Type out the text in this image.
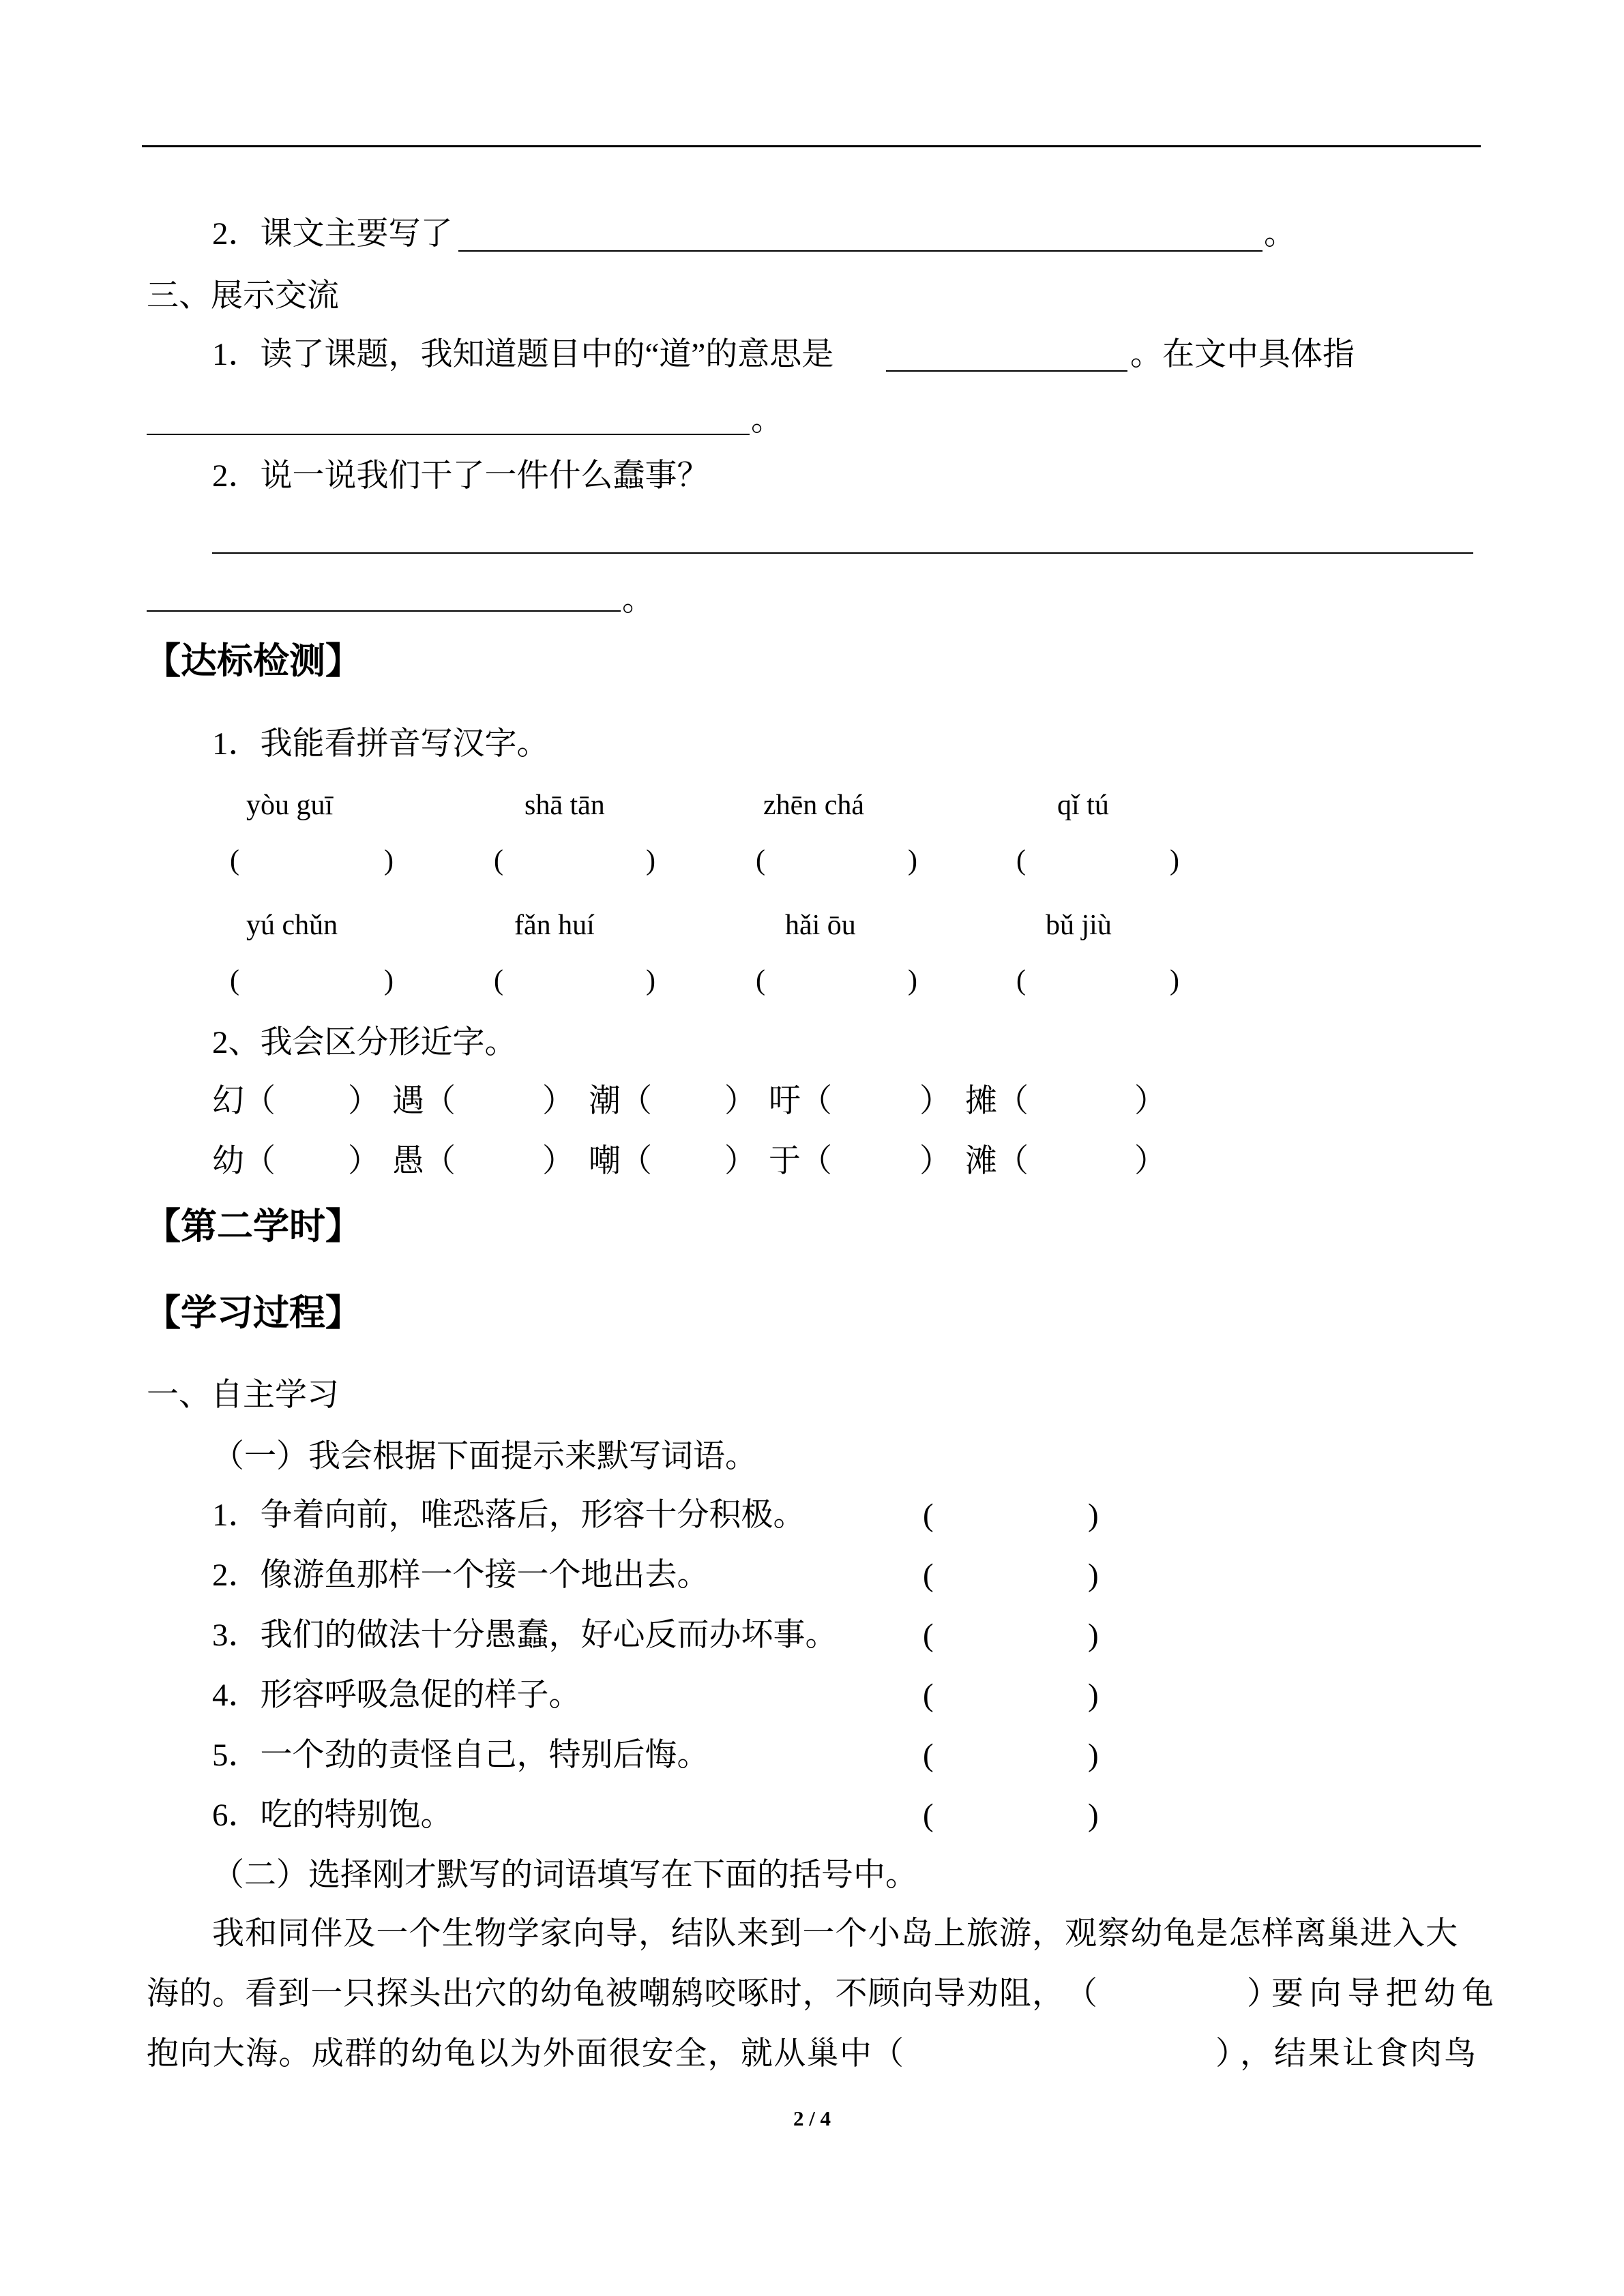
2．课文主要写了	。
三、展示交流
1．读了课题，我知道题目中的“道”的意思是	。在文中具体指
。
2．说一说我们干了一件什么蠢事？
。
【达标检测】
1．我能看拼音写汉字。
yòu guī	shā tān	zhēn chá	qǐ tú
(	)	(	)	(	)	(	)
yú chǔn	fǎn huí	hǎi ōu	bǔ jiù
(	)	(	)	(	)	(	)
2、我会区分形近字。
幻 （ ） 遇 （	） 潮 （ ） 吁 （	） 摊 （	）
幼 （ ） 愚 （	） 嘲 （ ） 于 （	） 滩 （	）
【第二学时】
【学习过程】
一、自主学习
（一）我会根据下面提示来默写词语。
1．争着向前，唯恐落后，形容十分积极。	(	)
2．像游鱼那样一个接一个地出去。	(	)
3．我们的做法十分愚蠢，好心反而办坏事。	(	)
4．形容呼吸急促的样子。	(	)
5．一个劲的责怪自己，特别后悔。	(	)
6．吃的特别饱。	(	)
（二）选择刚才默写的词语填写在下面的括号中。
我和同伴及一个生物学家向导，结队来到一个小岛上旅游，观察幼龟是怎样离巢进入大
海的。看到一只探头出穴的幼龟被嘲鸫咬啄时，不顾向导劝阻， （	）
要向导把幼龟
抱向大海。成群的幼龟以为外面很安全，就从巢中 （	）
，结果让食肉鸟
2 / 4
